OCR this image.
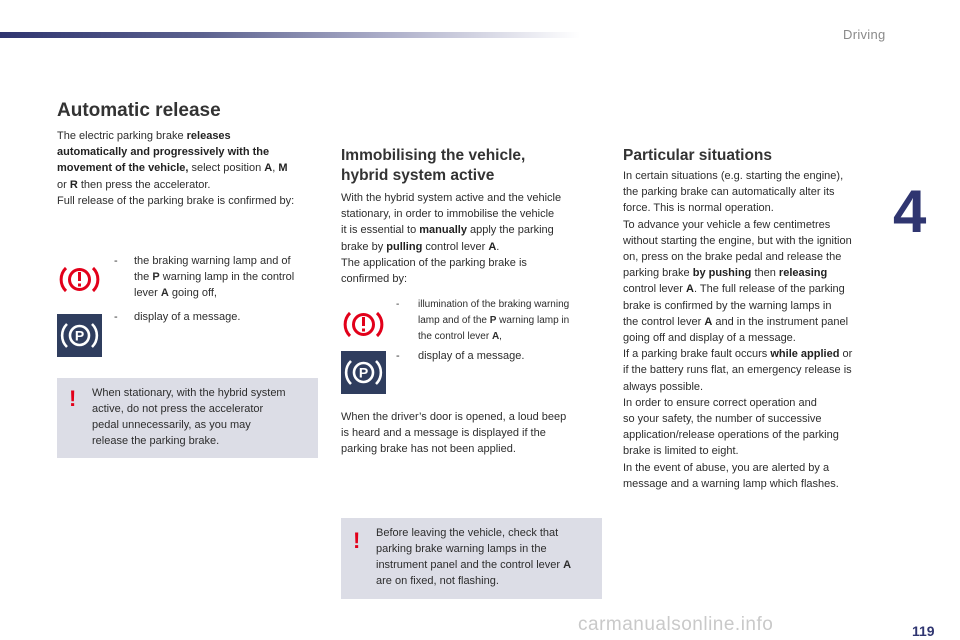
Driving
4
Automatic release
The electric parking brake releases
automatically and progressively with the
movement of the vehicle, select position A, M
or R then press the accelerator.
Full release of the parking brake is confirmed by:
- the braking warning lamp and of
the P warning lamp in the control
lever A going off,
P
- display of a message.
! When stationary, with the hybrid system
active, do not press the accelerator
pedal unnecessarily, as you may
release the parking brake.
Immobilising the vehicle,
hybrid system active
With the hybrid system active and the vehicle
stationary, in order to immobilise the vehicle
it is essential to manually apply the parking
brake by pulling control lever A.
The application of the parking brake is
confirmed by:
- illumination of the braking warning
lamp and of the P warning lamp in
the control lever A,
P
- display of a message.
When the driver’s door is opened, a loud beep
is heard and a message is displayed if the
parking brake has not been applied.
! Before leaving the vehicle, check that
parking brake warning lamps in the
instrument panel and the control lever A
are on fixed, not flashing.
Particular situations
In certain situations (e.g. starting the engine),
the parking brake can automatically alter its
force. This is normal operation.
To advance your vehicle a few centimetres
without starting the engine, but with the ignition
on, press on the brake pedal and release the
parking brake by pushing then releasing
control lever A. The full release of the parking
brake is confirmed by the warning lamps in
the control lever A and in the instrument panel
going off and display of a message.
If a parking brake fault occurs while applied or
if the battery runs flat, an emergency release is
always possible.
In order to ensure correct operation and
so your safety, the number of successive
application/release operations of the parking
brake is limited to eight.
In the event of abuse, you are alerted by a
message and a warning lamp which flashes.
carmanualsonline.info	119
